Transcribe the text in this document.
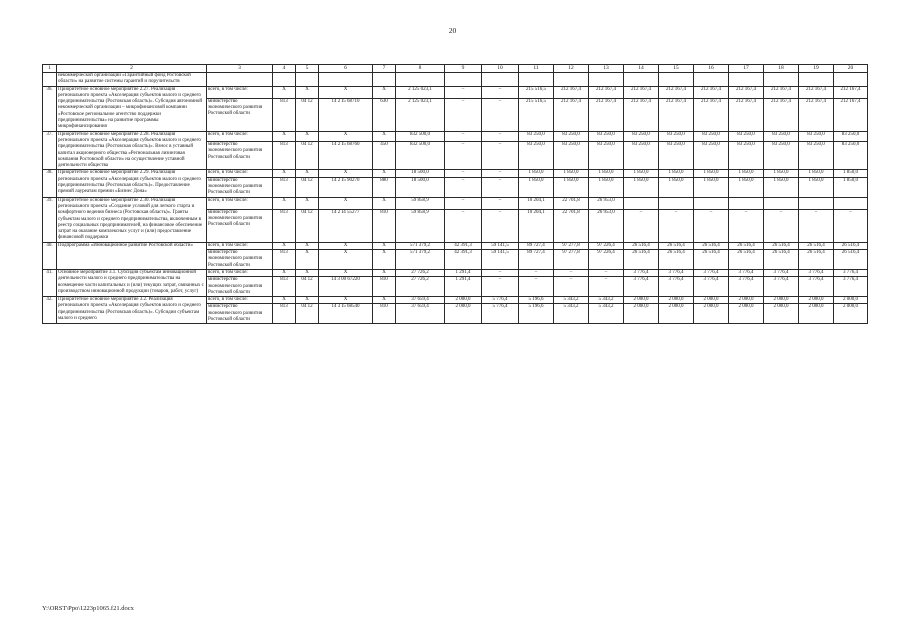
20
1	2	3	4	5	6	7	8	9	10	11	12	13	14	15	16	17	18	19	20
	некоммерческой организации «Гарантийный фонд Ростовской области» на развитие системы гарантий и поручительств																		
36.	Приоритетное основное мероприятие 2.27. Реализация регионального проекта «Акселерация субъектов малого и среднего предпринимательства (Ростовская область)». Субсидия автономной некоммерческой организации – микрофинансовой компании «Ростовское региональное агентство поддержки предпринимательства» на развитие программы микрофинансирования	всего, в том числе:	X	X	X	X	2 125 023,1	–	–	215 516,5	212 167,4	212 167,4	212 167,4	212 167,4	212 167,4	212 167,4	212 167,4	212 167,4	212 167,4
		министерство экономического развития Ростовской области	813	04 12	14 2 I5 68710	630	2 125 023,1	–	–	215 516,5	212 167,4	212 167,4	212 167,4	212 167,4	212 167,4	212 167,4	212 167,4	212 167,4	212 167,4
37.	Приоритетное основное мероприятие 2.28. Реализация регионального проекта «Акселерация субъектов малого и среднего предпринимательства (Ростовская область)». Взнос в уставный капитал акционерного общества «Региональная лизинговая компания Ростовской области» на осуществление уставной деятельности общества	всего, в том числе:	X	X	X	X	832 500,0	–	–	83 250,0	83 250,0	83 250,0	83 250,0	83 250,0	83 250,0	83 250,0	83 250,0	83 250,0	83 250,0
		министерство экономического развития Ростовской области	813	04 12	14 2 I5 68760	450	832 500,0	–	–	83 250,0	83 250,0	83 250,0	83 250,0	83 250,0	83 250,0	83 250,0	83 250,0	83 250,0	83 250,0
38.	Приоритетное основное мероприятие 2.29. Реализация регионального проекта «Акселерация субъектов малого и среднего предпринимательства (Ростовская область)». Предоставление премий лауреатам премии «Бизнес Дона»	всего, в том числе:	X	X	X	X	18 500,0	–	–	1 850,0	1 850,0	1 850,0	1 850,0	1 850,0	1 850,0	1 850,0	1 850,0	1 850,0	1 850,0
		министерство экономического развития Ростовской области	813	04 12	14 2 I5 90270	880	18 500,0	–	–	1 850,0	1 850,0	1 850,0	1 850,0	1 850,0	1 850,0	1 850,0	1 850,0	1 850,0	1 850,0
39.	Приоритетное основное мероприятие 2.30. Реализация регионального проекта «Создание условий для легкого старта и комфортного ведения бизнеса (Ростовская область)». Гранты субъектам малого и среднего предпринимательства, включенным в реестр социальных предпринимателей, на финансовое обеспечение затрат на оказание комплексных услуг и (или) предоставление финансовой поддержки	всего, в том числе:	X	X	X	X	59 858,9	–	–	10 204,1	22 701,8	26 953,0							
		министерство экономического развития Ростовской области	813	04 12	14 2 I4 55277	810	59 858,9	–	–	10 204,1	22 701,8	26 953,0	–	–	–	–	–	–	–
40.	Подпрограмма «Инновационное развитие Ростовской области»	всего, в том числе:	X	X	X	X	571 379,2	42 391,3	59 141,5	89 727,4	97 277,8	97 226,4	26 516,4	26 516,4	26 516,4	26 516,4	26 516,4	26 516,4	26 516,4
		министерство экономического развития Ростовской области	813	X	X	X	571 379,2	42 391,3	59 141,5	89 727,4	97 277,8	97 226,4	26 516,4	26 516,4	26 516,4	26 516,4	26 516,4	26 516,4	26 516,4
41.	Основное мероприятие 3.1. Субсидия субъектам инновационной деятельности малого и среднего предпринимательства на возмещение части капитальных и (или) текущих затрат, связанных с производством инновационной продукции (товаров, работ, услуг)	всего, в том числе:	X	X	X	X	27 726,2	1 291,4	–	–	–	–	3 776,4	3 776,4	3 776,4	3 776,4	3 776,4	3 776,4	3 776,4
		министерство экономического развития Ростовской области	813	04 12	14 3 00 67220	810	27 726,2	1 291,4	–	–	–	–	3 776,4	3 776,4	3 776,4	3 776,4	3 776,4	3 776,4	3 776,4
42.	Приоритетное основное мероприятие 3.2. Реализация регионального проекта «Акселерация субъектов малого и среднего предпринимательства (Ростовская область)». Субсидии субъектам малого и среднего	всего, в том числе:	X	X	X	X	37 659,4	2 000,0	5 776,4	5 196,6	5 343,2	5 343,2	2 000,0	2 000,0	2 000,0	2 000,0	2 000,0	2 000,0	2 000,0
		министерство экономического развития Ростовской области	813	04 12	14 3 I5 68540	810	37 659,4	2 000,0	5 776,4	5 196,6	5 343,2	5 343,2	2 000,0	2 000,0	2 000,0	2 000,0	2 000,0	2 000,0	2 000,0
Y:\ORST\Ppo\1223p1065.f21.docx
